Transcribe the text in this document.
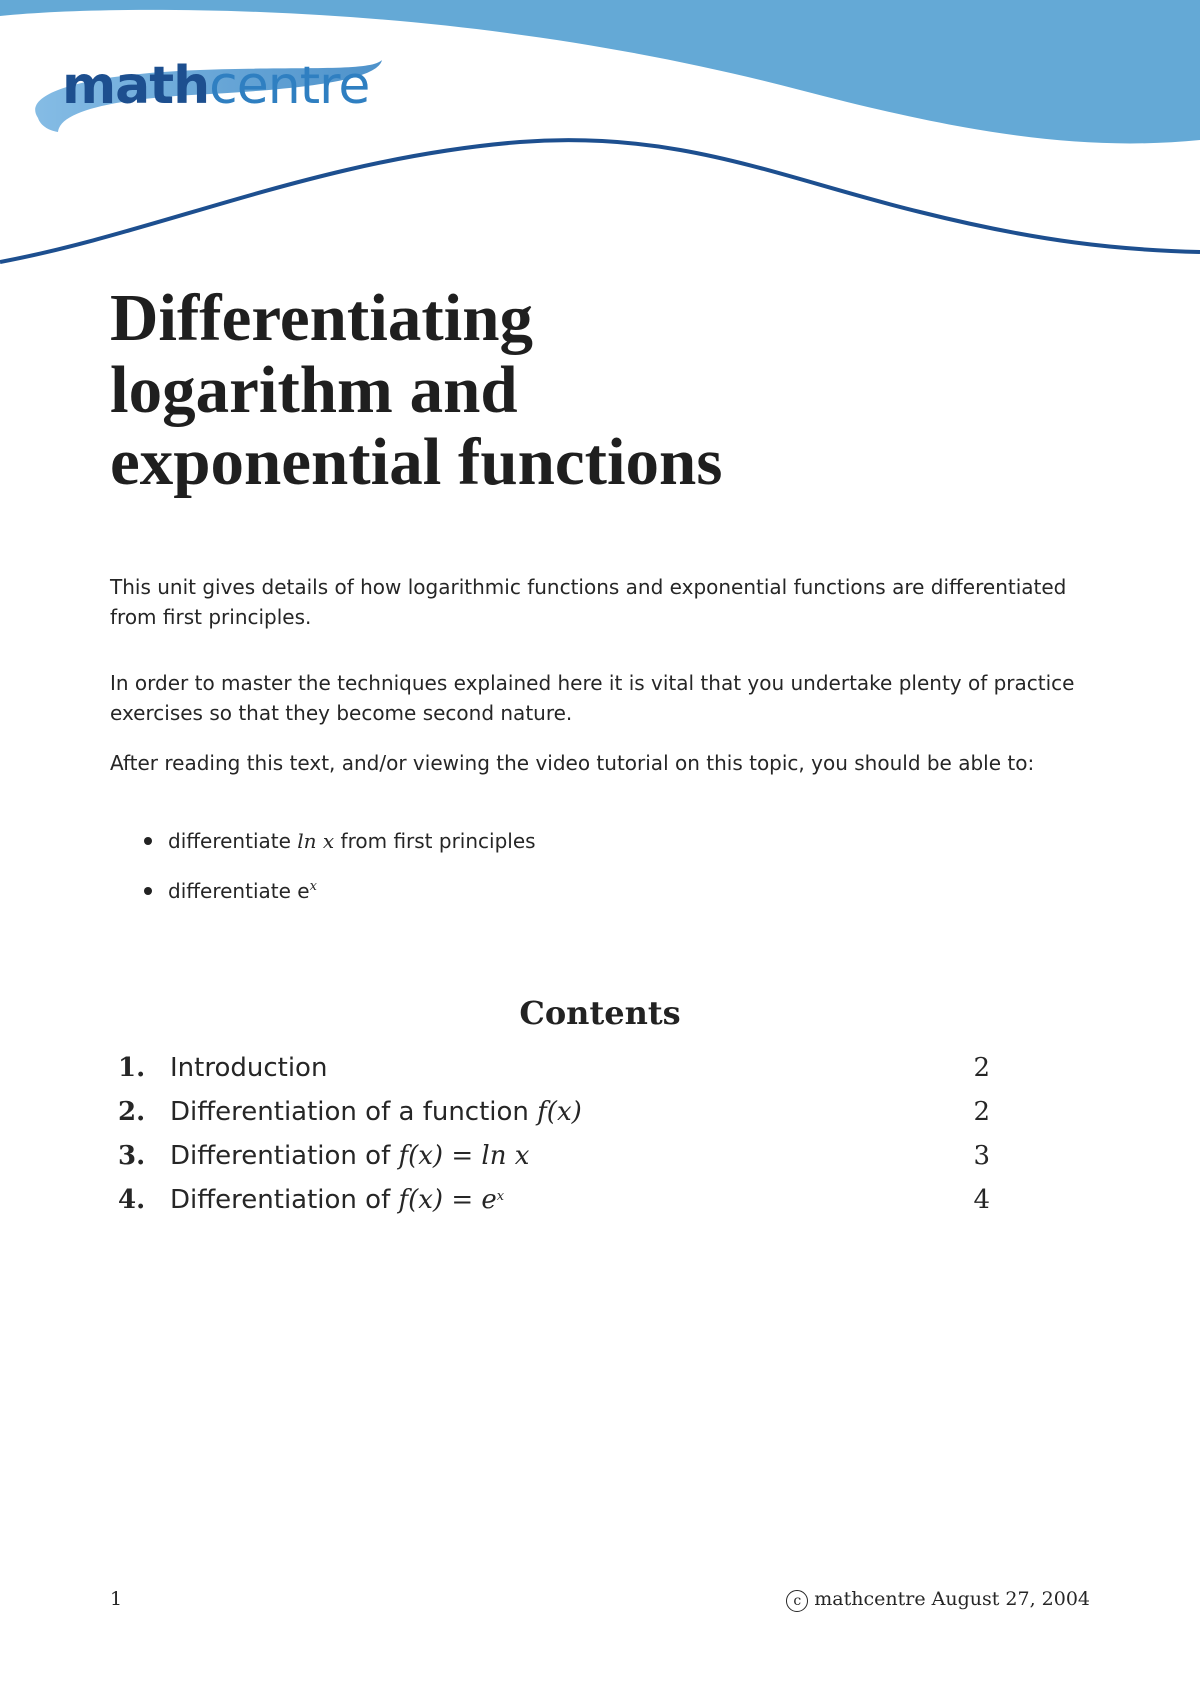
mathcentre
Differentiating
logarithm and
exponential functions

This unit gives details of how logarithmic functions and exponential functions are differentiated from first principles.

In order to master the techniques explained here it is vital that you undertake plenty of practice exercises so that they become second nature.

After reading this text, and/or viewing the video tutorial on this topic, you should be able to:

differentiate ln x from first principles
differentiate $e^x$
Contents
1. Introduction	2
2. Differentiation of a function f(x)	2
3. Differentiation of f(x) = ln x	3
4. Differentiation of $f(x) = e^x$	4
1	c mathcentre August 27, 2004
